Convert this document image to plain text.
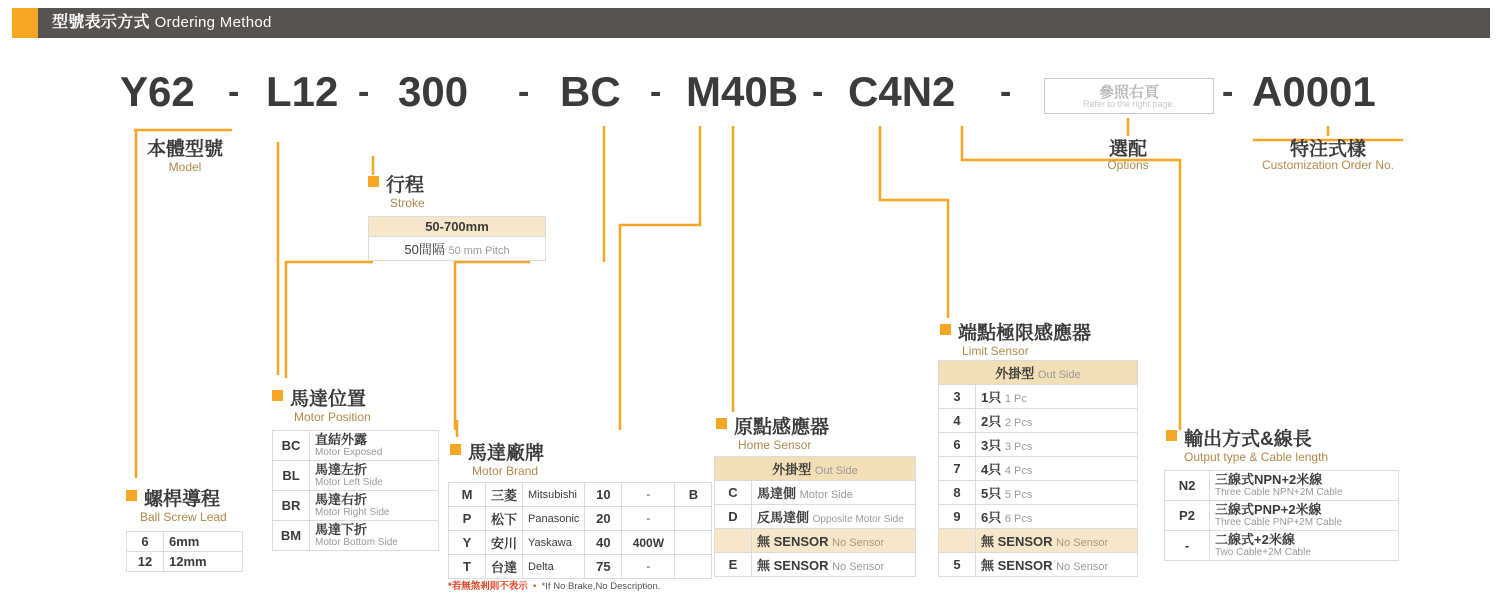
型號表示方式 Ordering Method
Y62 - L12 - 300 - BC - M40B - C4N2 -	- A0001
參照右頁
Refer to the right page.
本體型號
Model
行程
Stroke
50-700mm
50間隔 50 mm Pitch
螺桿導程
Ball Screw Lead
6	6mm
12	12mm
馬達位置
Motor Position
BC	直結外露
Motor Exposed

BL	馬達左折
Motor Left Side

BR	馬達右折
Motor Right Side

BM	馬達下折
Motor Bottom Side
馬達廠牌
Motor Brand
M	三菱	Mitsubishi	10	-	B
P	松下	Panasonic	20	-	
Y	安川	Yaskawa	40	400W	
T	台達	Delta	75	-	
*若無煞剎則不表示  •  *If No Brake,No Description.
原點感應器
Home Sensor
外掛型 Out Side	
C	馬達側 Motor Side
D	反馬達側 Opposite Motor Side
	無 SENSOR No Sensor
E	無 SENSOR No Sensor
端點極限感應器
Limit Sensor
外掛型 Out Side	
3	1只 1 Pc
4	2只 2 Pcs
6	3只 3 Pcs
7	4只 4 Pcs
8	5只 5 Pcs
9	6只 6 Pcs
	無 SENSOR No Sensor
5	無 SENSOR No Sensor
輸出方式&線長
Output type & Cable length
N2	三線式NPN+2米線
Three Cable NPN+2M Cable

P2	三線式PNP+2米線
Three Cable PNP+2M Cable

-	二線式+2米線
Two Cable+2M Cable
選配
Options
特注式樣
Customization Order No.
